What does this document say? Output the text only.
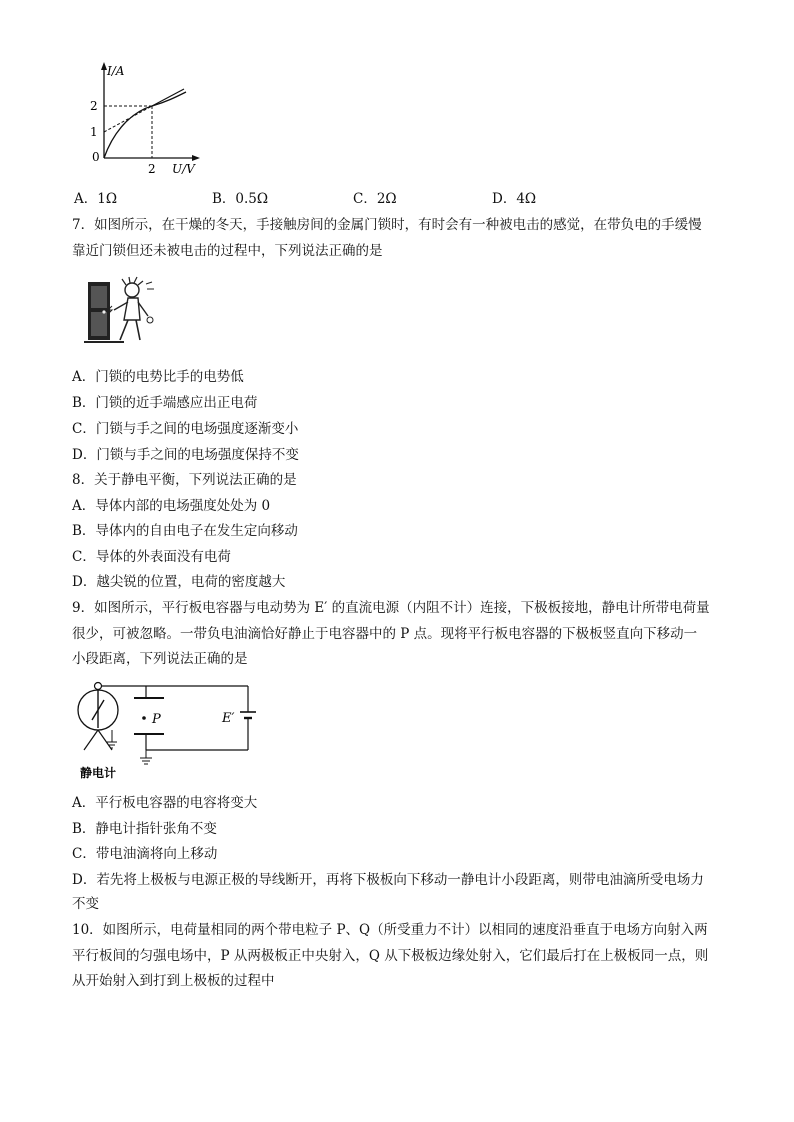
I/A
2
1
0
2 U/V
A．1Ω	B．0.5Ω	C．2Ω	D．4Ω
7．如图所示，在干燥的冬天，手接触房间的金属门锁时，有时会有一种被电击的感觉，在带负电的手缓慢
靠近门锁但还未被电击的过程中，下列说法正确的是
A．门锁的电势比手的电势低
B．门锁的近手端感应出正电荷
C．门锁与手之间的电场强度逐渐变小
D．门锁与手之间的电场强度保持不变
8．关于静电平衡，下列说法正确的是
A．导体内部的电场强度处处为 0
B．导体内的自由电子在发生定向移动
C．导体的外表面没有电荷
D．越尖锐的位置，电荷的密度越大
9．如图所示，平行板电容器与电动势为 E′ 的直流电源（内阻不计）连接，下极板接地，静电计所带电荷量
很少，可被忽略。一带负电油滴恰好静止于电容器中的 P 点。现将平行板电容器的下极板竖直向下移动一
小段距离，下列说法正确的是
P	E′
静电计
A．平行板电容器的电容将变大
B．静电计指针张角不变
C．带电油滴将向上移动
D．若先将上极板与电源正极的导线断开，再将下极板向下移动一静电计小段距离，则带电油滴所受电场力
不变
10．如图所示，电荷量相同的两个带电粒子 P、Q（所受重力不计）以相同的速度沿垂直于电场方向射入两
平行板间的匀强电场中，P 从两极板正中央射入，Q 从下极板边缘处射入，它们最后打在上极板同一点，则
从开始射入到打到上极板的过程中
